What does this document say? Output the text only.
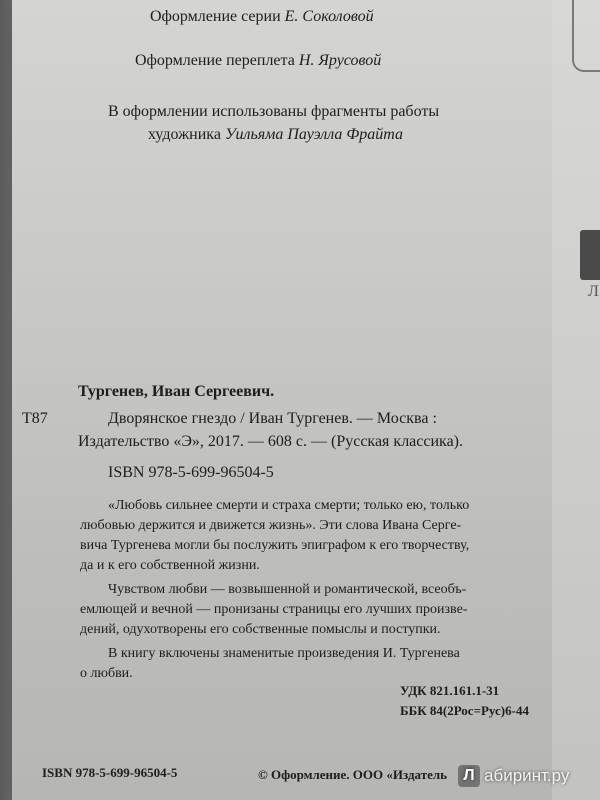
Л
Оформление серии Е. Соколовой
Оформление переплета Н. Ярусовой
В оформлении использованы фрагменты работы
художника Уильяма Пауэлла Фрайта
Тургенев, Иван Сергеевич.
Т87	Дворянское гнездо / Иван Тургенев. — Москва :
Издательство «Э», 2017. — 608 с. — (Русская классика).
ISBN 978-5-699-96504-5
«Любовь сильнее смерти и страха смерти; только ею, только
любовью держится и движется жизнь». Эти слова Ивана Серге-
вича Тургенева могли бы послужить эпиграфом к его творчеству,
да и к его собственной жизни.
Чувством любви — возвышенной и романтической, всеобъ-
емлющей и вечной — пронизаны страницы его лучших произве-
дений, одухотворены его собственные помыслы и поступки.
В книгу включены знаменитые произведения И. Тургенева
о любви.
УДК 821.161.1-31
ББК 84(2Рос=Рус)6-44
ISBN 978-5-699-96504-5	© Оформление. ООО «Издатель	Л абиринт.ру
